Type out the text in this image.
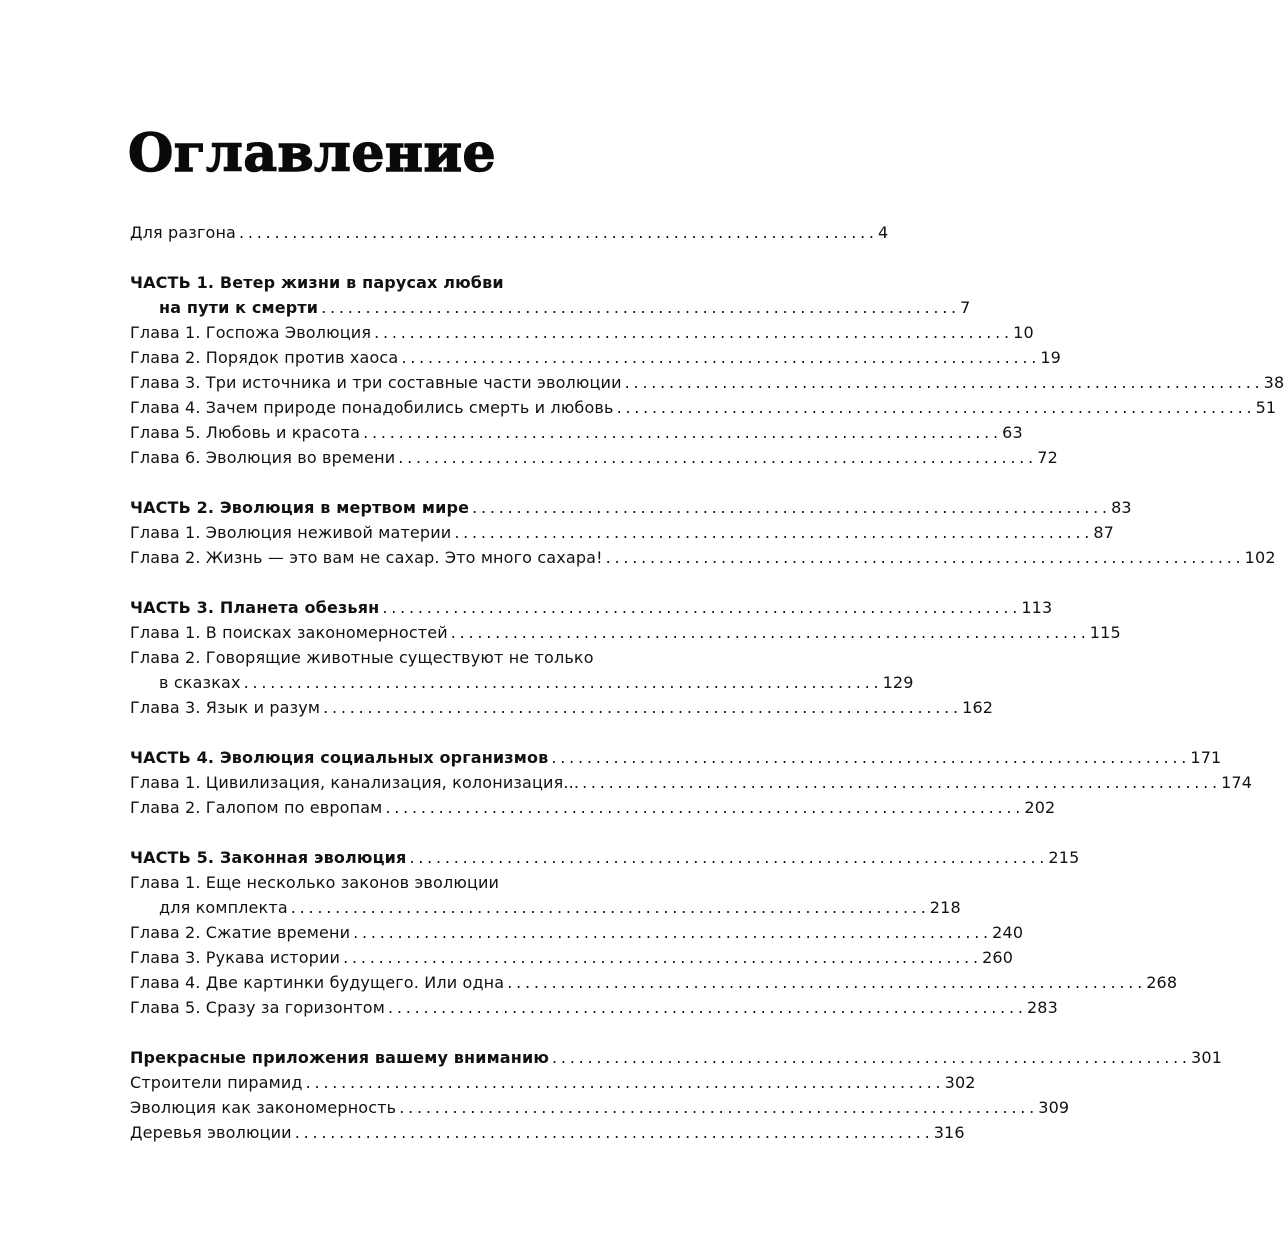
Оглавление
Для разгона . . .	4
ЧАСТЬ 1. Ветер жизни в парусах любви
на пути к смерти . . .	7
Глава 1. Госпожа Эволюция . . .	10
Глава 2. Порядок против хаоса . . .	19
Глава 3. Три источника и три составные части эволюции . . .	38
Глава 4. Зачем природе понадобились смерть и любовь . . .	51
Глава 5. Любовь и красота . . .	63
Глава 6. Эволюция во времени . . .	72
ЧАСТЬ 2. Эволюция в мертвом мире . . .	83
Глава 1. Эволюция неживой материи . . .	87
Глава 2. Жизнь — это вам не сахар. Это много сахара! . . .	102
ЧАСТЬ 3. Планета обезьян . . .	113
Глава 1. В поисках закономерностей . . .	115
Глава 2. Говорящие животные существуют не только
в сказках . . .	129
Глава 3. Язык и разум . . .	162
ЧАСТЬ 4. Эволюция социальных организмов . . .	171
Глава 1. Цивилизация, канализация, колонизация... . . .	174
Глава 2. Галопом по европам . . .	202
ЧАСТЬ 5. Законная эволюция . . .	215
Глава 1. Еще несколько законов эволюции
для комплекта . . .	218
Глава 2. Сжатие времени . . .	240
Глава 3. Рукава истории . . .	260
Глава 4. Две картинки будущего. Или одна . . .	268
Глава 5. Сразу за горизонтом . . .	283
Прекрасные приложения вашему вниманию . . .	301
Строители пирамид . . .	302
Эволюция как закономерность . . .	309
Деревья эволюции . . .	316
